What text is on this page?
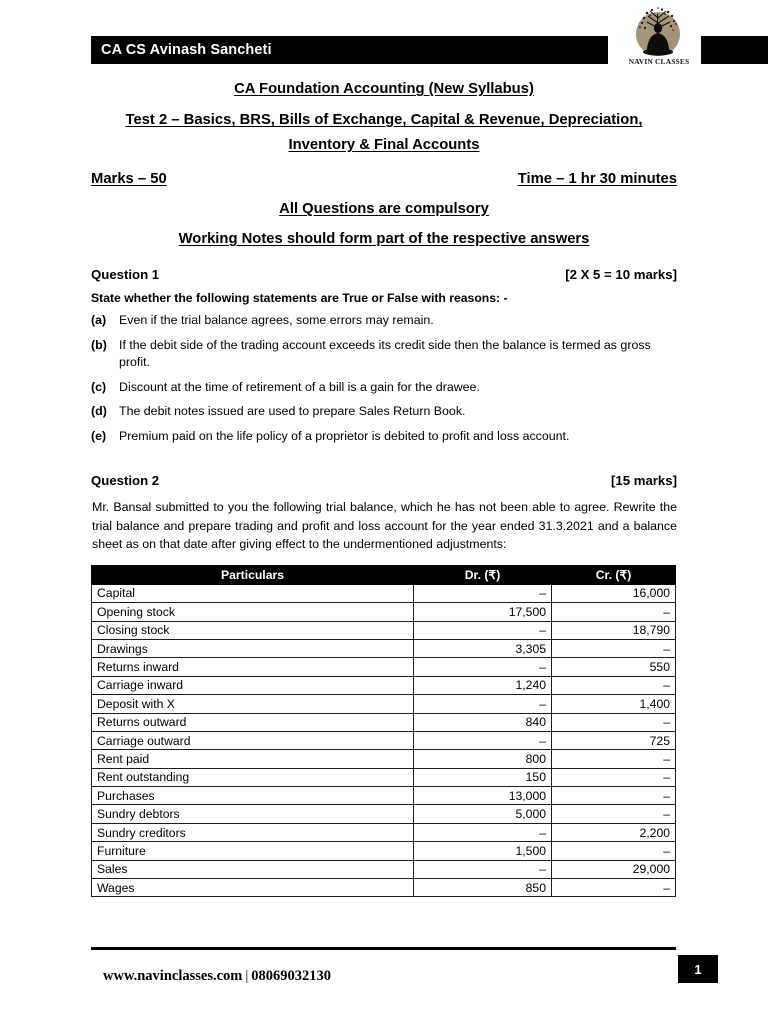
CA CS Avinash Sancheti
NAVIN CLASSES
CA Foundation Accounting (New Syllabus)
Test 2 – Basics, BRS, Bills of Exchange, Capital & Revenue, Depreciation,
Inventory & Final Accounts
Marks – 50	Time – 1 hr 30 minutes
All Questions are compulsory
Working Notes should form part of the respective answers
Question 1	[2 X 5 = 10 marks]
State whether the following statements are True or False with reasons: -
(a)	Even if the trial balance agrees, some errors may remain.
(b) If the debit side of the trading account exceeds its credit side then the balance is termed as gross profit.
(c)	Discount at the time of retirement of a bill is a gain for the drawee.
(d) The debit notes issued are used to prepare Sales Return Book.
(e)	Premium paid on the life policy of a proprietor is debited to profit and loss account.
Question 2	[15 marks]
Mr. Bansal submitted to you the following trial balance, which he has not been able to agree. Rewrite the trial balance and prepare trading and profit and loss account for the year ended 31.3.2021 and a balance sheet as on that date after giving effect to the undermentioned adjustments:
Particulars	Dr. (₹)	Cr. (₹)
Capital	–	16,000
Opening stock	17,500	–
Closing stock	–	18,790
Drawings	3,305	–
Returns inward	–	550
Carriage inward	1,240	–
Deposit with X	–	1,400
Returns outward	840	–
Carriage outward	–	725
Rent paid	800	–
Rent outstanding	150	–
Purchases	13,000	–
Sundry debtors	5,000	–
Sundry creditors	–	2,200
Furniture	1,500	–
Sales	–	29,000
Wages	850	–
www.navinclasses.com | 08069032130	1
